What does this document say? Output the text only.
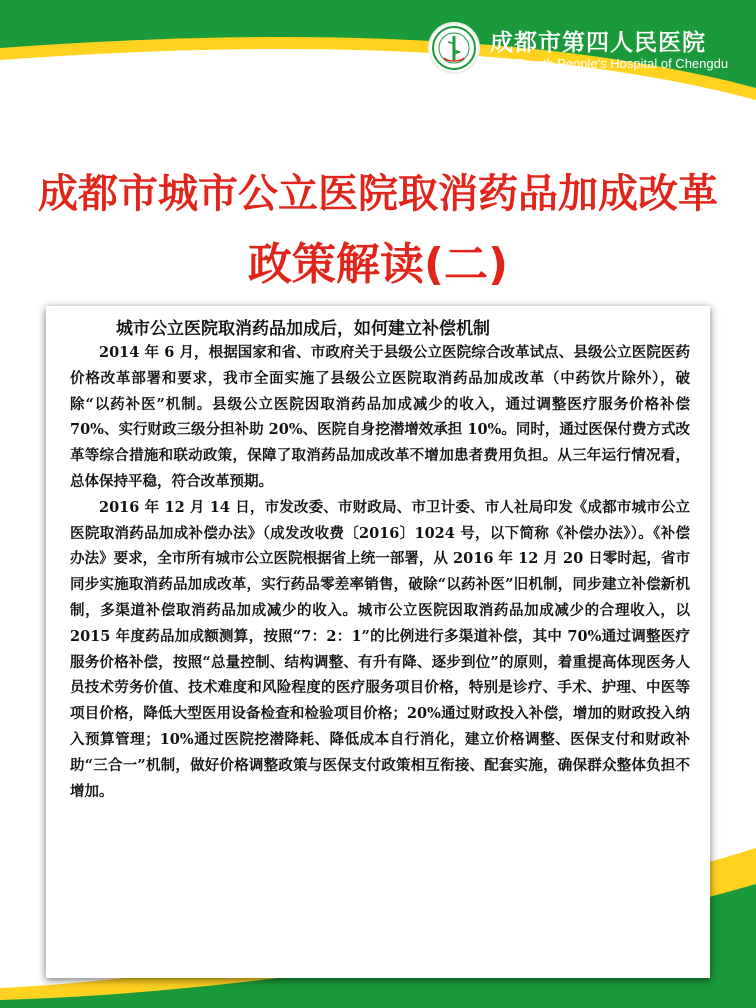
成都市第四人民医院
The Fourth People's Hospital of Chengdu
成都市城市公立医院取消药品加成改革
政策解读(二)
城市公立医院取消药品加成后，如何建立补偿机制

2014 年 6 月，根据国家和省、市政府关于县级公立医院综合改革试点、县级公立医院医药价格改革部署和要求，我市全面实施了县级公立医院取消药品加成改革（中药饮片除外），破除“以药补医”机制。县级公立医院因取消药品加成减少的收入，通过调整医疗服务价格补偿 70%、实行财政三级分担补助 20%、医院自身挖潜增效承担 10%。同时，通过医保付费方式改革等综合措施和联动政策，保障了取消药品加成改革不增加患者费用负担。从三年运行情况看，总体保持平稳，符合改革预期。

2016 年 12 月 14 日，市发改委、市财政局、市卫计委、市人社局印发《成都市城市公立医院取消药品加成补偿办法》（成发改收费〔2016〕1024 号，以下简称《补偿办法》）。《补偿办法》要求，全市所有城市公立医院根据省上统一部署，从 2016 年 12 月 20 日零时起，省市同步实施取消药品加成改革，实行药品零差率销售，破除“以药补医”旧机制，同步建立补偿新机制，多渠道补偿取消药品加成减少的收入。城市公立医院因取消药品加成减少的合理收入，以 2015 年度药品加成额测算，按照“7：2：1”的比例进行多渠道补偿，其中 70%通过调整医疗服务价格补偿，按照“总量控制、结构调整、有升有降、逐步到位”的原则，着重提高体现医务人员技术劳务价值、技术难度和风险程度的医疗服务项目价格，特别是诊疗、手术、护理、中医等项目价格，降低大型医用设备检查和检验项目价格；20%通过财政投入补偿，增加的财政投入纳入预算管理；10%通过医院挖潜降耗、降低成本自行消化，建立价格调整、医保支付和财政补助“三合一”机制，做好价格调整政策与医保支付政策相互衔接、配套实施，确保群众整体负担不增加。
